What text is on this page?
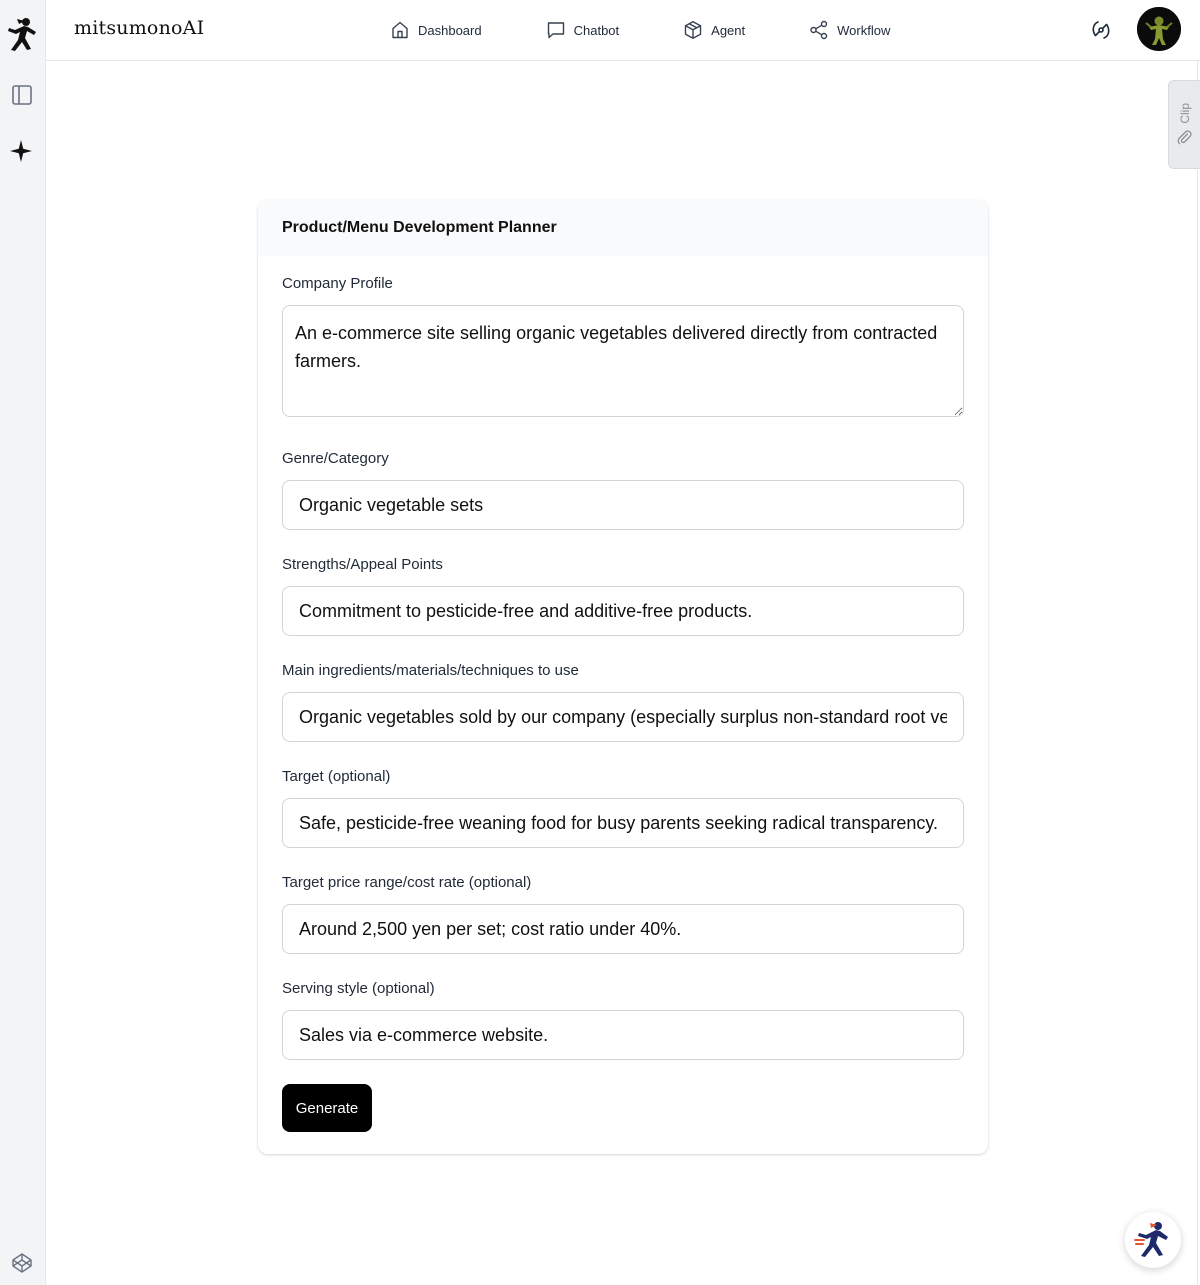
mitsumonoAI	Dashboard	Chatbot	Agent	Workflow
Clip
Product/Menu Development Planner
Company Profile
An e-commerce site selling organic vegetables delivered directly from contracted farmers.
Genre/Category
Organic vegetable sets
Strengths/Appeal Points
Commitment to pesticide-free and additive-free products.
Main ingredients/materials/techniques to use
Organic vegetables sold by our company (especially surplus non-standard root vegetables)
Target (optional)
Safe, pesticide-free weaning food for busy parents seeking radical transparency.
Target price range/cost rate (optional)
Around 2,500 yen per set; cost ratio under 40%.
Serving style (optional)
Sales via e-commerce website. Generate
